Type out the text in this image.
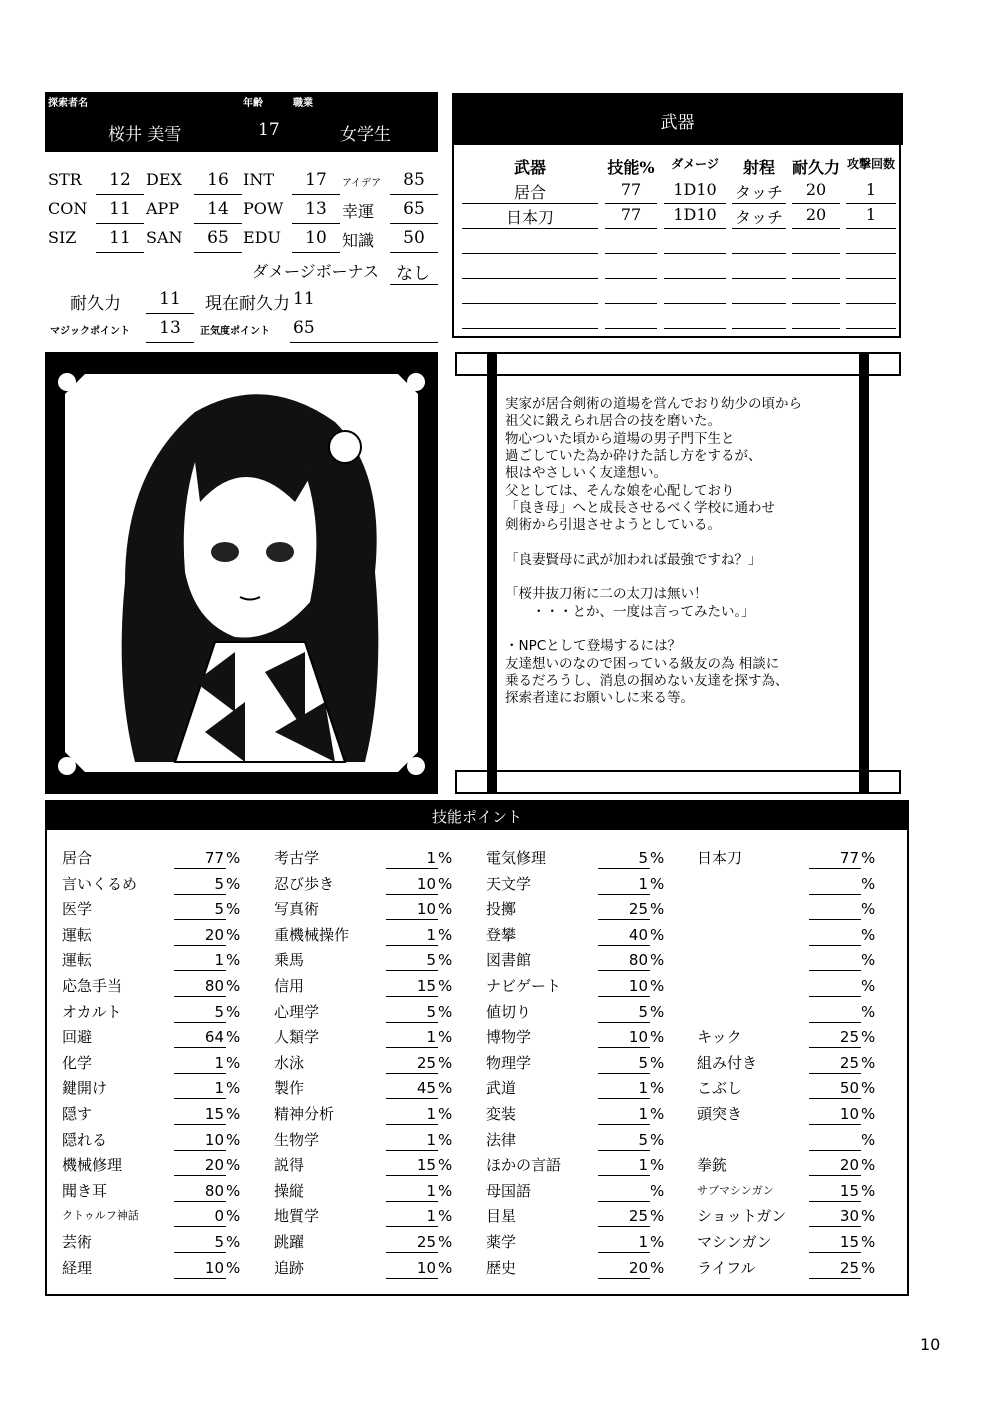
探索者名	年齢	職業
桜井 美雪	17	女学生
STR	12 DEX	16 INT	17	アイデア	85
CON	11 APP	14 POW	13 幸運	65
SIZ	11 SAN	65 EDU	10 知識	50
ダメージボーナス なし
耐久力	11	現在耐久力 11
マジックポイント	13	正気度ポイント 65
武器
武器	技能%	ダメージ	射程	耐久力 攻撃回数
居合	77	1D10	タッチ	20	1
日本刀	77	1D10	タッチ	20	1
実家が居合剣術の道場を営んでおり幼少の頃から
祖父に鍛えられ居合の技を磨いた。
物心ついた頃から道場の男子門下生と
過ごしていた為か砕けた話し方をするが、
根はやさしいく友達想い。
父としては、そんな娘を心配しており
「良き母」へと成長させるべく学校に通わせ
剣術から引退させようとしている。
「良妻賢母に武が加われば最強ですね？」
「桜井抜刀術に二の太刀は無い！
　　・・・とか、一度は言ってみたい。」
・NPCとして登場するには？
友達想いのなので困っている級友の為 相談に
乗るだろうし、消息の掴めない友達を探す為、
探索者達にお願いしに来る等。
技能ポイント
居合	77 %
言いくるめ	5 %
医学	5 %
運転	20 %
運転	1 %
応急手当	80 %
オカルト	5 %
回避	64 %
化学	1 %
鍵開け	1 %
隠す	15 %
隠れる	10 %
機械修理	20 %
聞き耳	80 %
クトゥルフ神話	0 %
芸術	5 %
経理	10 %
考古学	1 %
忍び歩き	10 %
写真術	10 %
重機械操作	1 %
乗馬	5 %
信用	15 %
心理学	5 %
人類学	1 %
水泳	25 %
製作	45 %
精神分析	1 %
生物学	1 %
説得	15 %
操縦	1 %
地質学	1 %
跳躍	25 %
追跡	10 %
電気修理	5 %
天文学	1 %
投擲	25 %
登攀	40 %
図書館	80 %
ナビゲート	10 %
値切り	5 %
博物学	10 %
物理学	5 %
武道	1 %
変装	1 %
法律	5 %
ほかの言語	1 %
母国語	%
目星	25 %
薬学	1 %
歴史	20 %
日本刀	77 %
%
%
%
%
%
%
キック	25 %
組み付き	25 %
こぶし	50 %
頭突き	10 %
%
拳銃	20 %
サブマシンガン	15 %
ショットガン	30 %
マシンガン	15 %
ライフル	25 %
10
